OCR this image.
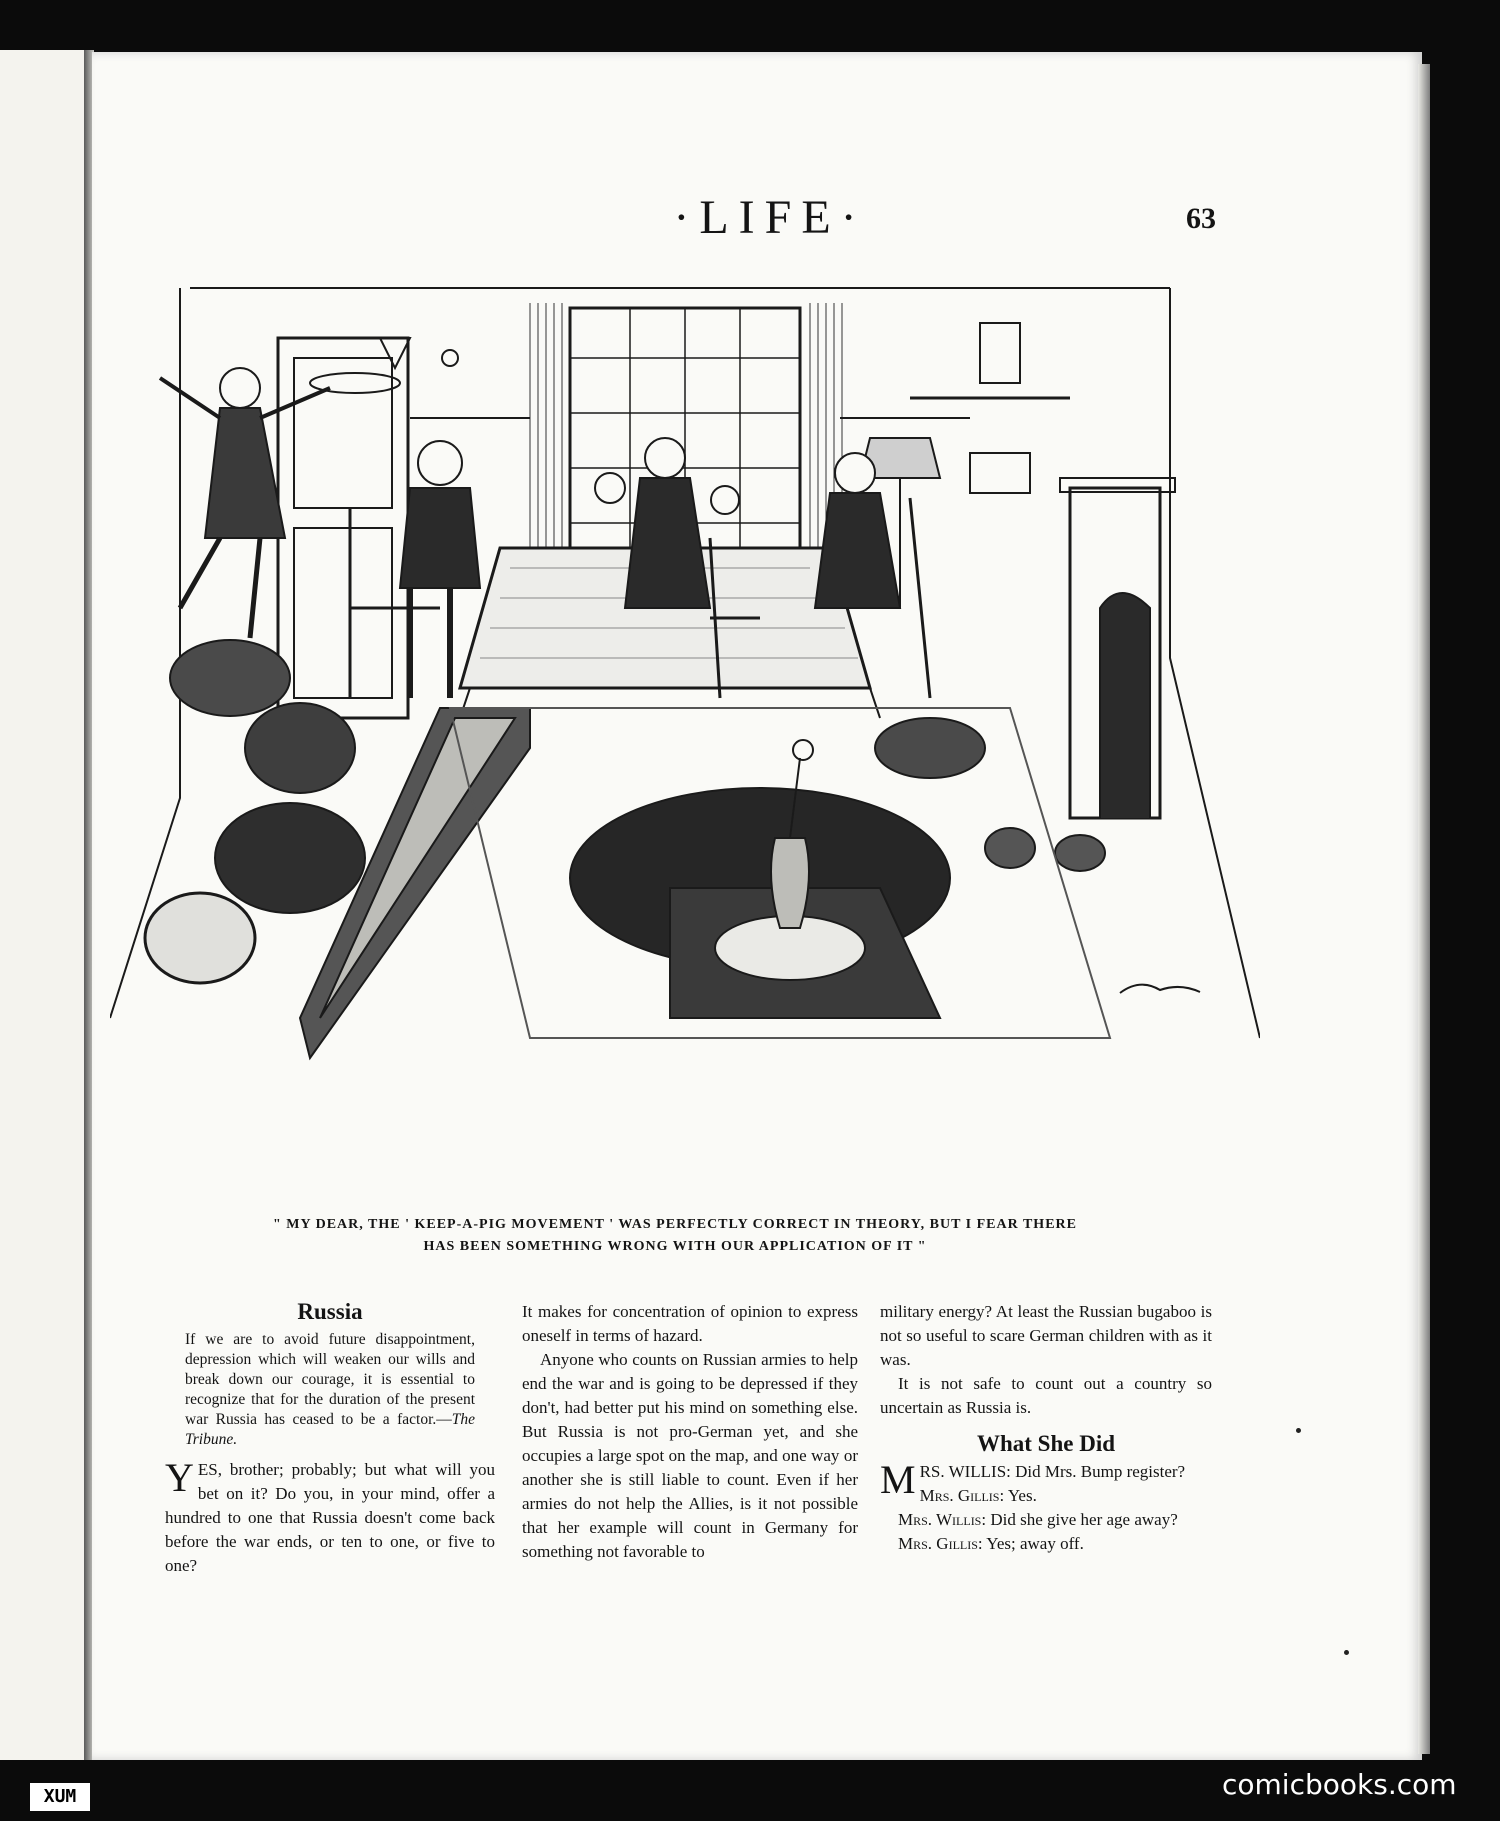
·LIFE·	63
" MY DEAR, THE ' KEEP-A-PIG MOVEMENT ' WAS PERFECTLY CORRECT IN THEORY, BUT I FEAR THERE
HAS BEEN SOMETHING WRONG WITH OUR APPLICATION OF IT "
Russia

If we are to avoid future disappointment, depression which will weaken our wills and break down our courage, it is essential to recognize that for the duration of the present war Russia has ceased to be a factor.—The Tribune.

YES, brother; probably; but what will you bet on it? Do you, in your mind, offer a hundred to one that Russia doesn't come back before the war ends, or ten to one, or five to one?

It makes for concentration of opinion to express oneself in terms of hazard.

Anyone who counts on Russian armies to help end the war and is going to be depressed if they don't, had better put his mind on something else. But Russia is not pro-German yet, and she occupies a large spot on the map, and one way or another she is still liable to count. Even if her armies do not help the Allies, is it not possible that her example will count in Germany for something not favorable to

military energy? At least the Russian bugaboo is not so useful to scare German children with as it was.

It is not safe to count out a country so uncertain as Russia is.

What She Did

MRS. WILLIS: Did Mrs. Bump register?

Mrs. Gillis: Yes.

Mrs. Willis: Did she give her age away?

Mrs. Gillis: Yes; away off.

XUM	comicbooks.com
